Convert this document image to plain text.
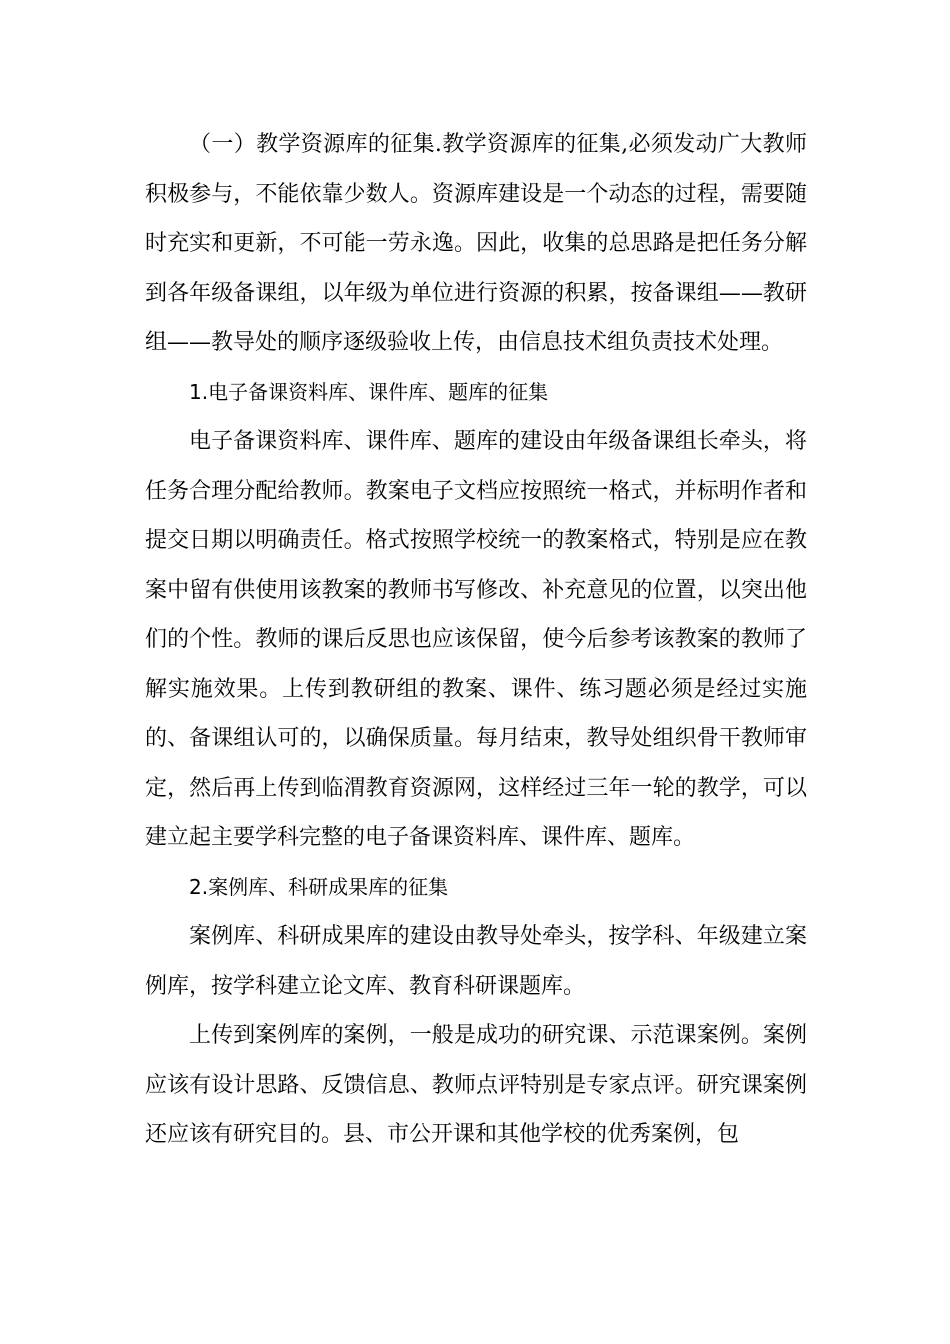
（一）教学资源库的征集.教学资源库的征集,必须发动广大教师积极参与，不能依靠少数人。资源库建设是一个动态的过程，需要随时充实和更新，不可能一劳永逸。因此，收集的总思路是把任务分解到各年级备课组，以年级为单位进行资源的积累，按备课组——教研组——教导处的顺序逐级验收上传，由信息技术组负责技术处理。

1.电子备课资料库、课件库、题库的征集

电子备课资料库、课件库、题库的建设由年级备课组长牵头，将任务合理分配给教师。教案电子文档应按照统一格式，并标明作者和提交日期以明确责任。格式按照学校统一的教案格式，特别是应在教案中留有供使用该教案的教师书写修改、补充意见的位置，以突出他们的个性。教师的课后反思也应该保留，使今后参考该教案的教师了解实施效果。上传到教研组的教案、课件、练习题必须是经过实施的、备课组认可的，以确保质量。每月结束，教导处组织骨干教师审定，然后再上传到临渭教育资源网，这样经过三年一轮的教学，可以建立起主要学科完整的电子备课资料库、课件库、题库。

2.案例库、科研成果库的征集

案例库、科研成果库的建设由教导处牵头，按学科、年级建立案例库，按学科建立论文库、教育科研课题库。

上传到案例库的案例，一般是成功的研究课、示范课案例。案例应该有设计思路、反馈信息、教师点评特别是专家点评。研究课案例还应该有研究目的。县、市公开课和其他学校的优秀案例，包
